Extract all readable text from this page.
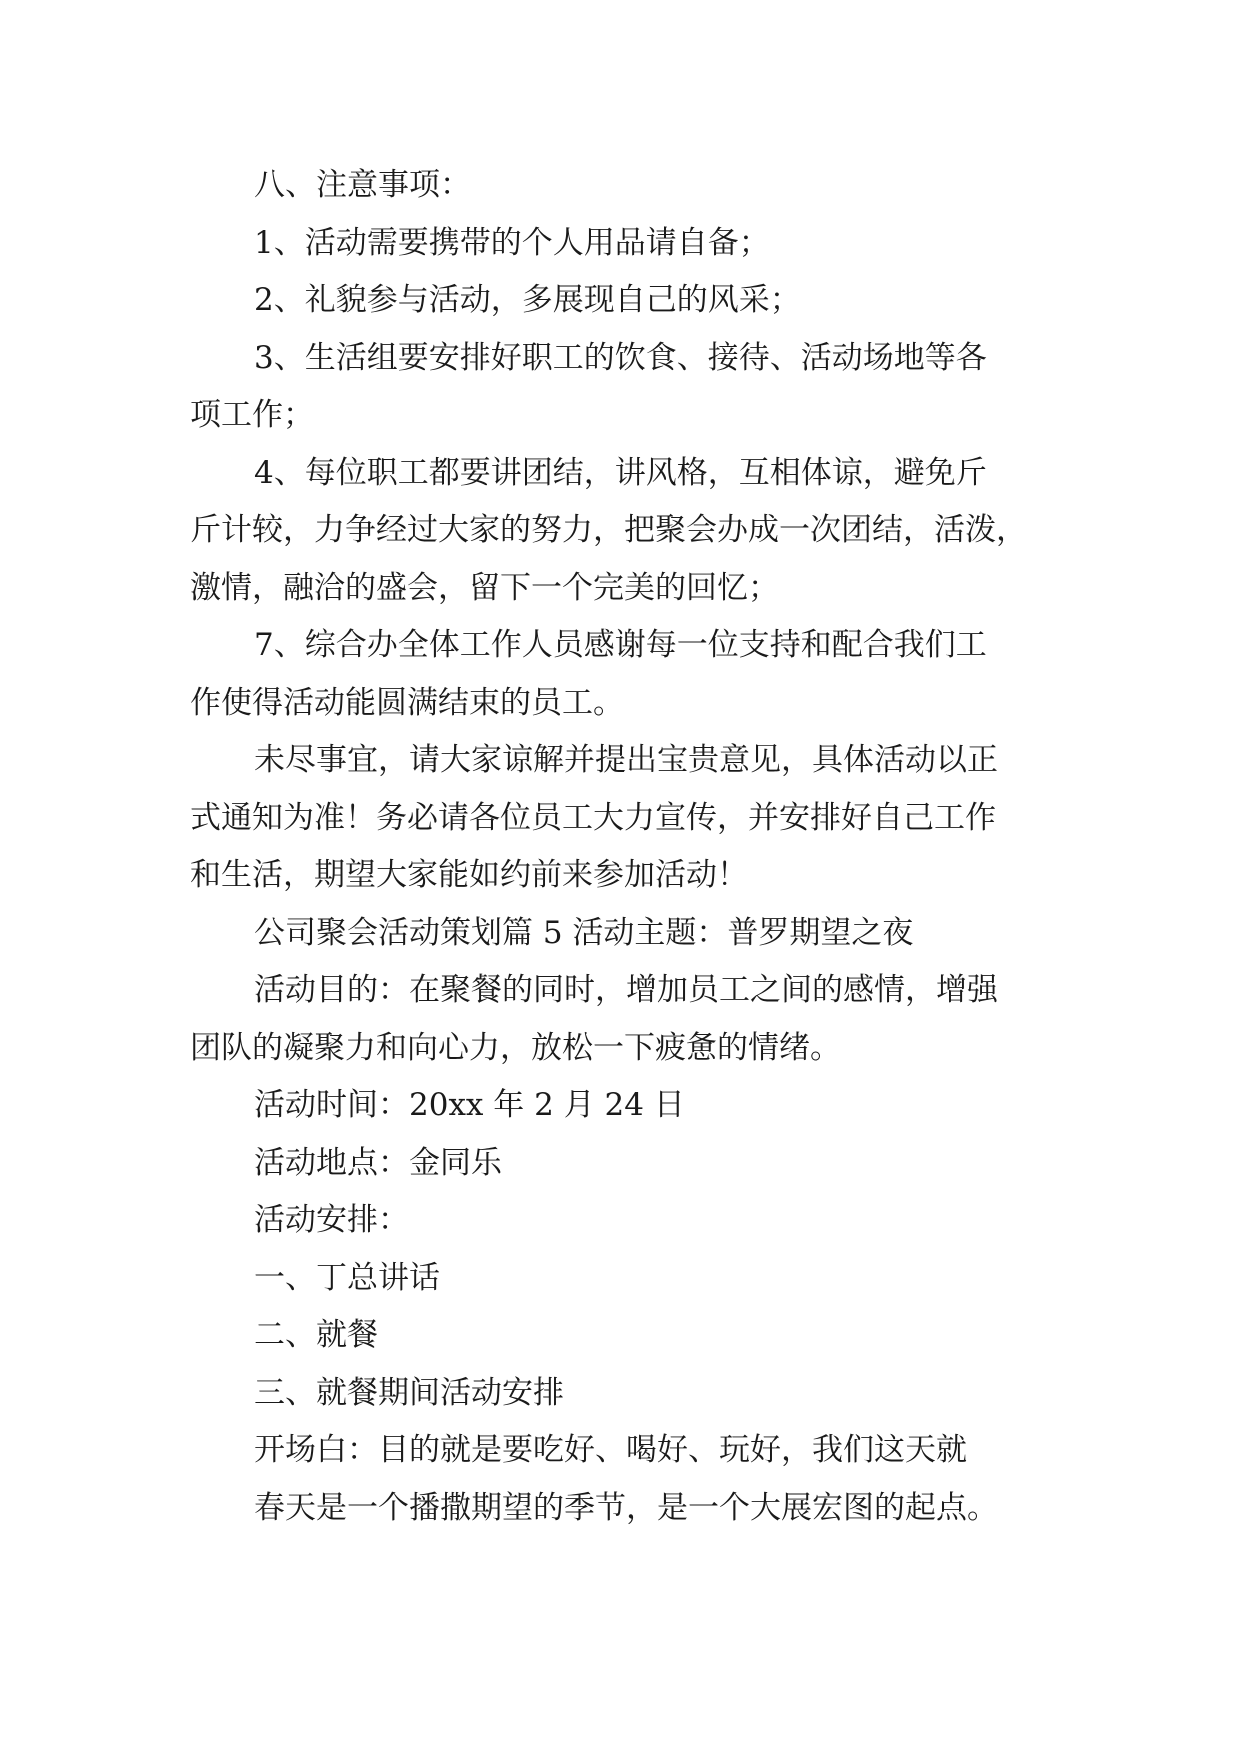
八、注意事项：

1、活动需要携带的个人用品请自备；

2、礼貌参与活动，多展现自己的风采；

3、生活组要安排好职工的饮食、接待、活动场地等各

项工作；

4、每位职工都要讲团结，讲风格，互相体谅，避免斤

斤计较，力争经过大家的努力，把聚会办成一次团结，活泼，

激情，融洽的盛会，留下一个完美的回忆；

7、综合办全体工作人员感谢每一位支持和配合我们工

作使得活动能圆满结束的员工。

未尽事宜，请大家谅解并提出宝贵意见，具体活动以正

式通知为准！务必请各位员工大力宣传，并安排好自己工作

和生活，期望大家能如约前来参加活动！

公司聚会活动策划篇 5 活动主题：普罗期望之夜

活动目的：在聚餐的同时，增加员工之间的感情，增强

团队的凝聚力和向心力，放松一下疲惫的情绪。

活动时间：20xx 年 2 月 24 日

活动地点：金同乐

活动安排：

一、丁总讲话

二、就餐

三、就餐期间活动安排

开场白：目的就是要吃好、喝好、玩好，我们这天就

春天是一个播撒期望的季节，是一个大展宏图的起点。
